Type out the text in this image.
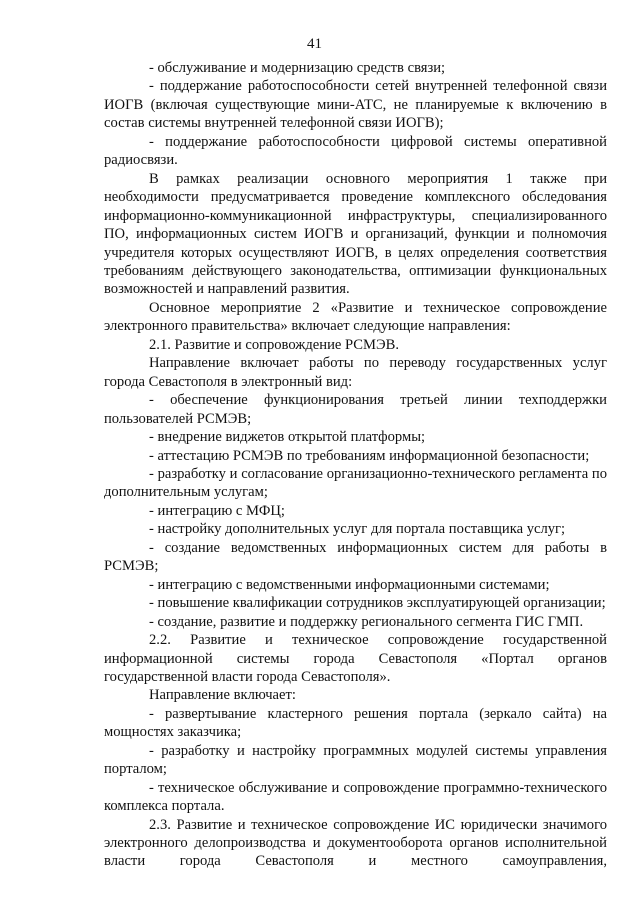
41

- обслуживание и модернизацию средств связи;

- поддержание работоспособности сетей внутренней телефонной связи ИОГВ (включая существующие мини-АТС, не планируемые к включению в состав системы внутренней телефонной связи ИОГВ);

- поддержание работоспособности цифровой системы оперативной радиосвязи.

В рамках реализации основного мероприятия 1 также при необходимости предусматривается проведение комплексного обследования информационно-коммуникационной инфраструктуры, специализированного ПО, информационных систем ИОГВ и организаций, функции и полномочия учредителя которых осуществляют ИОГВ, в целях определения соответствия требованиям действующего законодательства, оптимизации функциональных возможностей и направлений развития.

Основное мероприятие 2 «Развитие и техническое сопровождение электронного правительства» включает следующие направления:

2.1. Развитие и сопровождение РСМЭВ.

Направление включает работы по переводу государственных услуг города Севастополя в электронный вид:

- обеспечение функционирования третьей линии техподдержки пользователей РСМЭВ;

- внедрение виджетов открытой платформы;

- аттестацию РСМЭВ по требованиям информационной безопасности;

- разработку и согласование организационно-технического регламента по дополнительным услугам;

- интеграцию с МФЦ;

- настройку дополнительных услуг для портала поставщика услуг;

- создание ведомственных информационных систем для работы в РСМЭВ;

- интеграцию с ведомственными информационными системами;

- повышение квалификации сотрудников эксплуатирующей организации;

- создание, развитие и поддержку регионального сегмента ГИС ГМП.

2.2. Развитие и техническое сопровождение государственной информационной системы города Севастополя «Портал органов государственной власти города Севастополя».

Направление включает:

- развертывание кластерного решения портала (зеркало сайта) на мощностях заказчика;

- разработку и настройку программных модулей системы управления порталом;

- техническое обслуживание и сопровождение программно-технического комплекса портала.

2.3. Развитие и техническое сопровождение ИС юридически значимого электронного делопроизводства и документооборота органов исполнительной власти города Севастополя и местного самоуправления,
